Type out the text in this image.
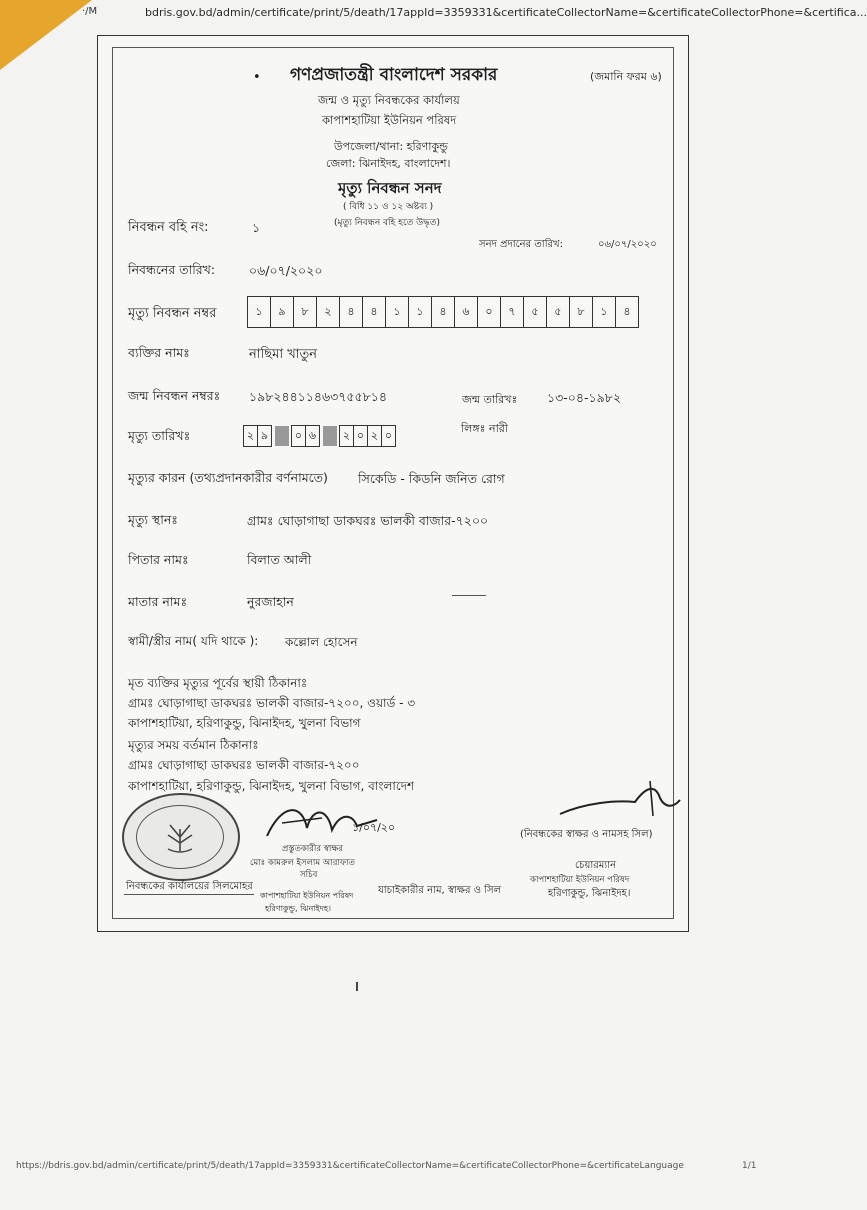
·/M	bdris.gov.bd/admin/certificate/print/5/death/17appId=3359331&certificateCollectorName=&certificateCollectorPhone=&certifica...
• গণপ্রজাতন্ত্রী বাংলাদেশ সরকার	(জমানি ফরম ৬)
জন্ম ও মৃত্যু নিবন্ধকের কার্যালয়
কাপাশহাটিয়া ইউনিয়ন পরিষদ
উপজেলা/থানা: হরিণাকুন্ডু
জেলা: ঝিনাইদহ, বাংলাদেশ।
মৃত্যু নিবন্ধন সনদ
( বিধি ১১ ও ১২ অষ্টব্য )
(মৃত্যু নিবন্ধন বহি হতে উদ্ধৃত)
নিবন্ধন বহি নং:	১
সনদ প্রদানের তারিখ:	০৬/০৭/২০২০
নিবন্ধনের তারিখ:	০৬/০৭/২০২০
মৃত্যু নিবন্ধন নম্বর	১	৯	৮	২	৪	৪	১	১	৪	৬	০	৭	৫	৫	৮	১	৪
ব্যক্তির নামঃ	নাছিমা খাতুন
জন্ম নিবন্ধন নম্বরঃ ১৯৮২৪৪১১৪৬৩৭৫৫৮১৪	জন্ম তারিখঃ ১৩-০৪-১৯৮২
মৃত্যু তারিখঃ	২ ৯	০ ৬	২ ০ ২ ০	লিঙ্গঃ নারী
মৃত্যুর কারন (তথ্যপ্রদানকারীর বর্ণনামতে) সিকেডি - কিডনি জনিত রোগ
মৃত্যু স্থানঃ	গ্রামঃ ঘোড়াগাছা ডাকঘরঃ ভালকী বাজার-৭২০০
পিতার নামঃ	বিলাত আলী
মাতার নামঃ	নুরজাহান
স্বামী/স্ত্রীর নাম( যদি থাকে ): কল্লোল হোসেন
মৃত ব্যক্তির মৃত্যুর পূর্বের স্থায়ী ঠিকানাঃ
গ্রামঃ ঘোড়াগাছা ডাকঘরঃ ভালকী বাজার-৭২০০, ওয়ার্ড - ৩
কাপাশহাটিয়া, হরিণাকুন্ডু, ঝিনাইদহ, খুলনা বিভাগ
মৃত্যুর সময় বর্তমান ঠিকানাঃ
গ্রামঃ ঘোড়াগাছা ডাকঘরঃ ভালকী বাজার-৭২০০
কাপাশহাটিয়া, হরিণাকুন্ডু, ঝিনাইদহ, খুলনা বিভাগ, বাংলাদেশ
১/০৭/২০
প্রস্তুতকারীর স্বাক্ষর
মোঃ কামরুল ইসলাম আরাফাত
সচিব
কাপাশহাটিয়া ইউনিয়ন পরিষদ
হরিণাকুন্ডু, ঝিনাইদহ।
নিবন্ধকের কার্যালয়ের সিলমোহর	যাচাইকারীর নাম, স্বাক্ষর ও সিল
(নিবন্ধকের স্বাক্ষর ও নামসহ সিল)
চেয়ারম্যান
কাপাশহাটিয়া ইউনিয়ন পরিষদ
হরিণাকুন্ডু, ঝিনাইদহ।
https://bdris.gov.bd/admin/certificate/print/5/death/17appId=3359331&certificateCollectorName=&certificateCollectorPhone=&certificateLanguage	1/1
